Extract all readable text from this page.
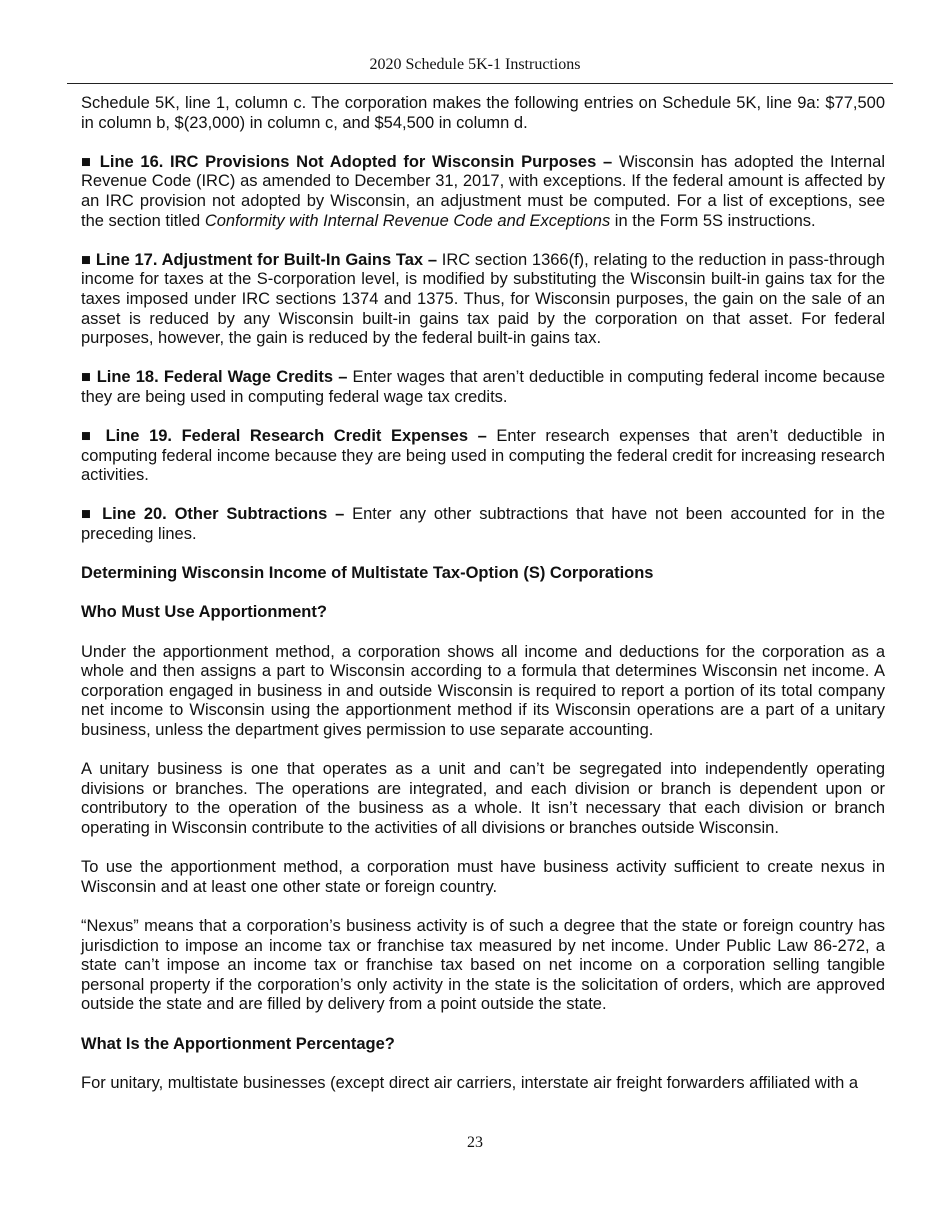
2020 Schedule 5K-1 Instructions

Schedule 5K, line 1, column c. The corporation makes the following entries on Schedule 5K, line 9a: $77,500 in column b, $(23,000) in column c, and $54,500 in column d.

■ Line 16. IRC Provisions Not Adopted for Wisconsin Purposes – Wisconsin has adopted the Internal Revenue Code (IRC) as amended to December 31, 2017, with exceptions. If the federal amount is affected by an IRC provision not adopted by Wisconsin, an adjustment must be computed. For a list of exceptions, see the section titled Conformity with Internal Revenue Code and Exceptions in the Form 5S instructions.

■ Line 17. Adjustment for Built-In Gains Tax – IRC section 1366(f), relating to the reduction in pass-through income for taxes at the S-corporation level, is modified by substituting the Wisconsin built-in gains tax for the taxes imposed under IRC sections 1374 and 1375. Thus, for Wisconsin purposes, the gain on the sale of an asset is reduced by any Wisconsin built-in gains tax paid by the corporation on that asset. For federal purposes, however, the gain is reduced by the federal built-in gains tax.

■ Line 18. Federal Wage Credits – Enter wages that aren’t deductible in computing federal income because they are being used in computing federal wage tax credits.

■ Line 19. Federal Research Credit Expenses – Enter research expenses that aren’t deductible in computing federal income because they are being used in computing the federal credit for increasing research activities.

■ Line 20. Other Subtractions – Enter any other subtractions that have not been accounted for in the preceding lines.

Determining Wisconsin Income of Multistate Tax-Option (S) Corporations
Who Must Use Apportionment?

Under the apportionment method, a corporation shows all income and deductions for the corporation as a whole and then assigns a part to Wisconsin according to a formula that determines Wisconsin net income. A corporation engaged in business in and outside Wisconsin is required to report a portion of its total company net income to Wisconsin using the apportionment method if its Wisconsin operations are a part of a unitary business, unless the department gives permission to use separate accounting.

A unitary business is one that operates as a unit and can’t be segregated into independently operating divisions or branches. The operations are integrated, and each division or branch is dependent upon or contributory to the operation of the business as a whole. It isn’t necessary that each division or branch operating in Wisconsin contribute to the activities of all divisions or branches outside Wisconsin.

To use the apportionment method, a corporation must have business activity sufficient to create nexus in Wisconsin and at least one other state or foreign country.

“Nexus” means that a corporation’s business activity is of such a degree that the state or foreign country has jurisdiction to impose an income tax or franchise tax measured by net income. Under Public Law 86-272, a state can’t impose an income tax or franchise tax based on net income on a corporation selling tangible personal property if the corporation’s only activity in the state is the solicitation of orders, which are approved outside the state and are filled by delivery from a point outside the state.

What Is the Apportionment Percentage?

For unitary, multistate businesses (except direct air carriers, interstate air freight forwarders affiliated with a

23
